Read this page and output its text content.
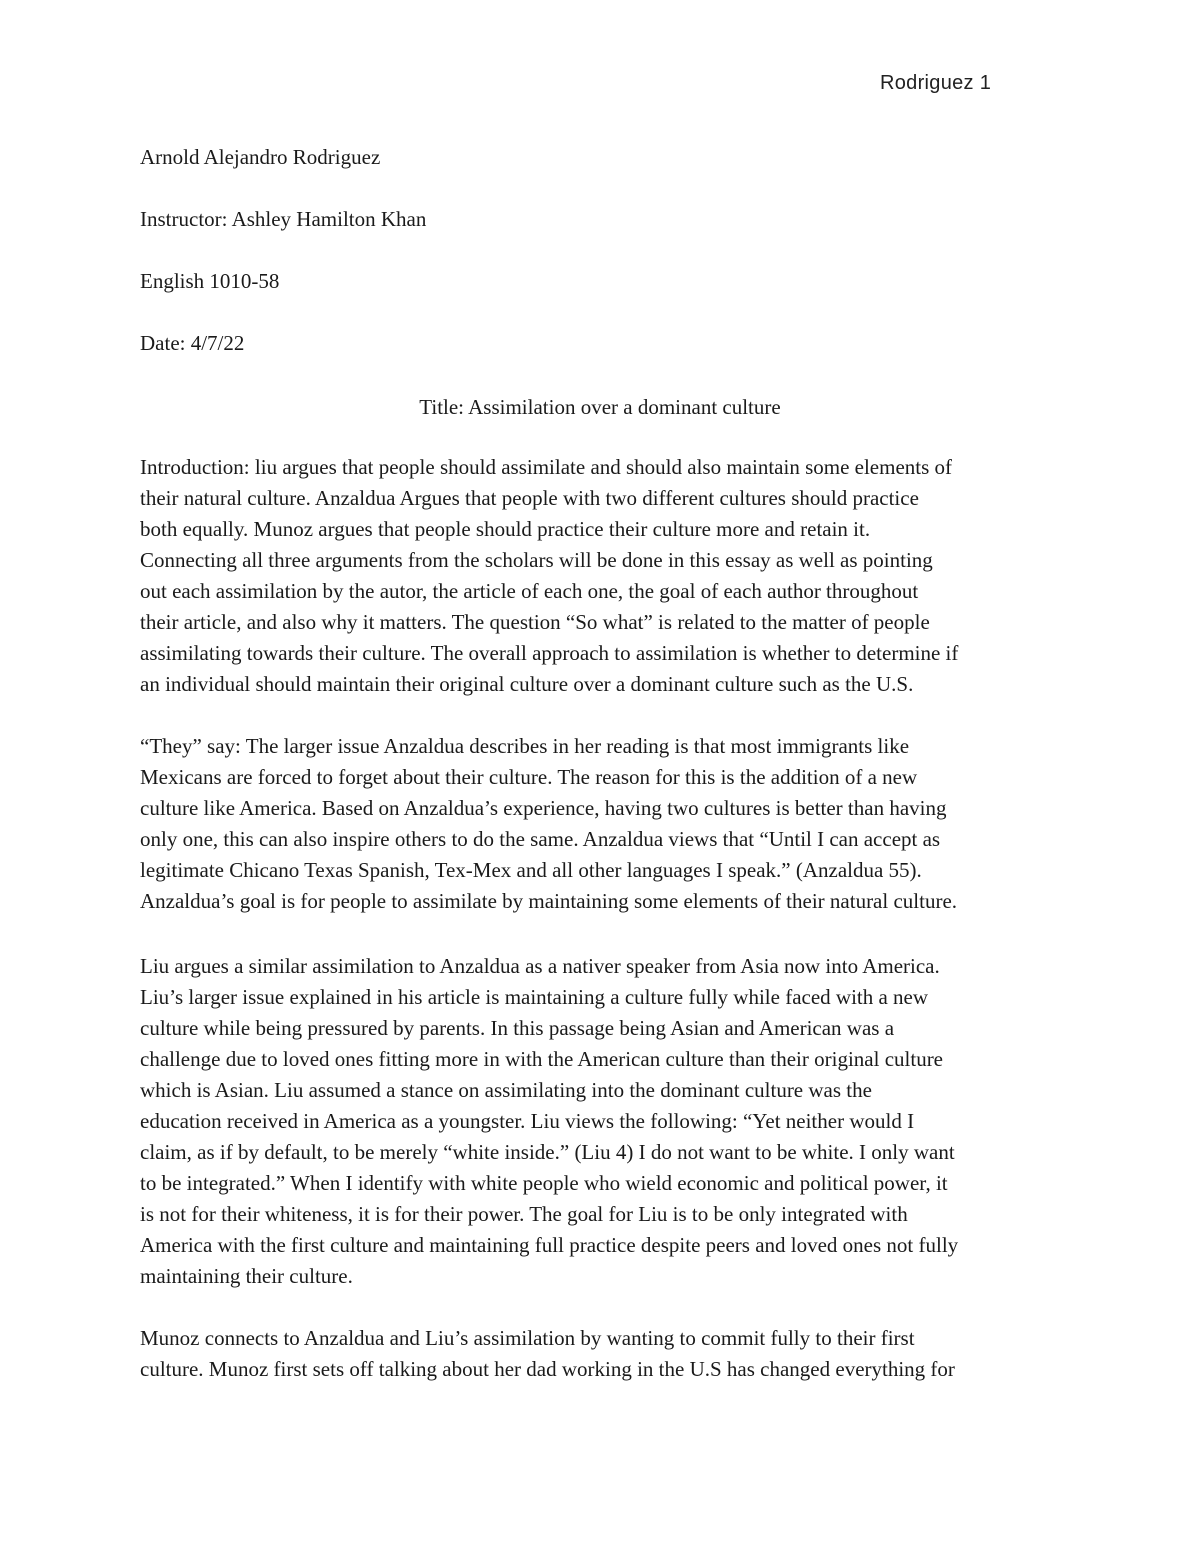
Rodriguez 1
Arnold Alejandro Rodriguez
Instructor: Ashley Hamilton Khan
English 1010-58
Date: 4/7/22
Title: Assimilation over a dominant culture
Introduction: liu argues that people should assimilate and should also maintain some elements of
their natural culture. Anzaldua Argues that people with two different cultures should practice
both equally. Munoz argues that people should practice their culture more and retain it.
Connecting all three arguments from the scholars will be done in this essay as well as pointing
out each assimilation by the autor, the article of each one, the goal of each author throughout
their article, and also why it matters. The question “So what” is related to the matter of people
assimilating towards their culture. The overall approach to assimilation is whether to determine if
an individual should maintain their original culture over a dominant culture such as the U.S.
“They” say: The larger issue Anzaldua describes in her reading is that most immigrants like
Mexicans are forced to forget about their culture. The reason for this is the addition of a new
culture like America. Based on Anzaldua’s experience, having two cultures is better than having
only one, this can also inspire others to do the same. Anzaldua views that “Until I can accept as
legitimate Chicano Texas Spanish, Tex-Mex and all other languages I speak.” (Anzaldua 55).
Anzaldua’s goal is for people to assimilate by maintaining some elements of their natural culture.
Liu argues a similar assimilation to Anzaldua as a nativer speaker from Asia now into America.
Liu’s larger issue explained in his article is maintaining a culture fully while faced with a new
culture while being pressured by parents. In this passage being Asian and American was a
challenge due to loved ones fitting more in with the American culture than their original culture
which is Asian. Liu assumed a stance on assimilating into the dominant culture was the
education received in America as a youngster. Liu views the following: “Yet neither would I
claim, as if by default, to be merely “white inside.” (Liu 4) I do not want to be white. I only want
to be integrated.” When I identify with white people who wield economic and political power, it
is not for their whiteness, it is for their power. The goal for Liu is to be only integrated with
America with the first culture and maintaining full practice despite peers and loved ones not fully
maintaining their culture.
Munoz connects to Anzaldua and Liu’s assimilation by wanting to commit fully to their first
culture. Munoz first sets off talking about her dad working in the U.S has changed everything for
